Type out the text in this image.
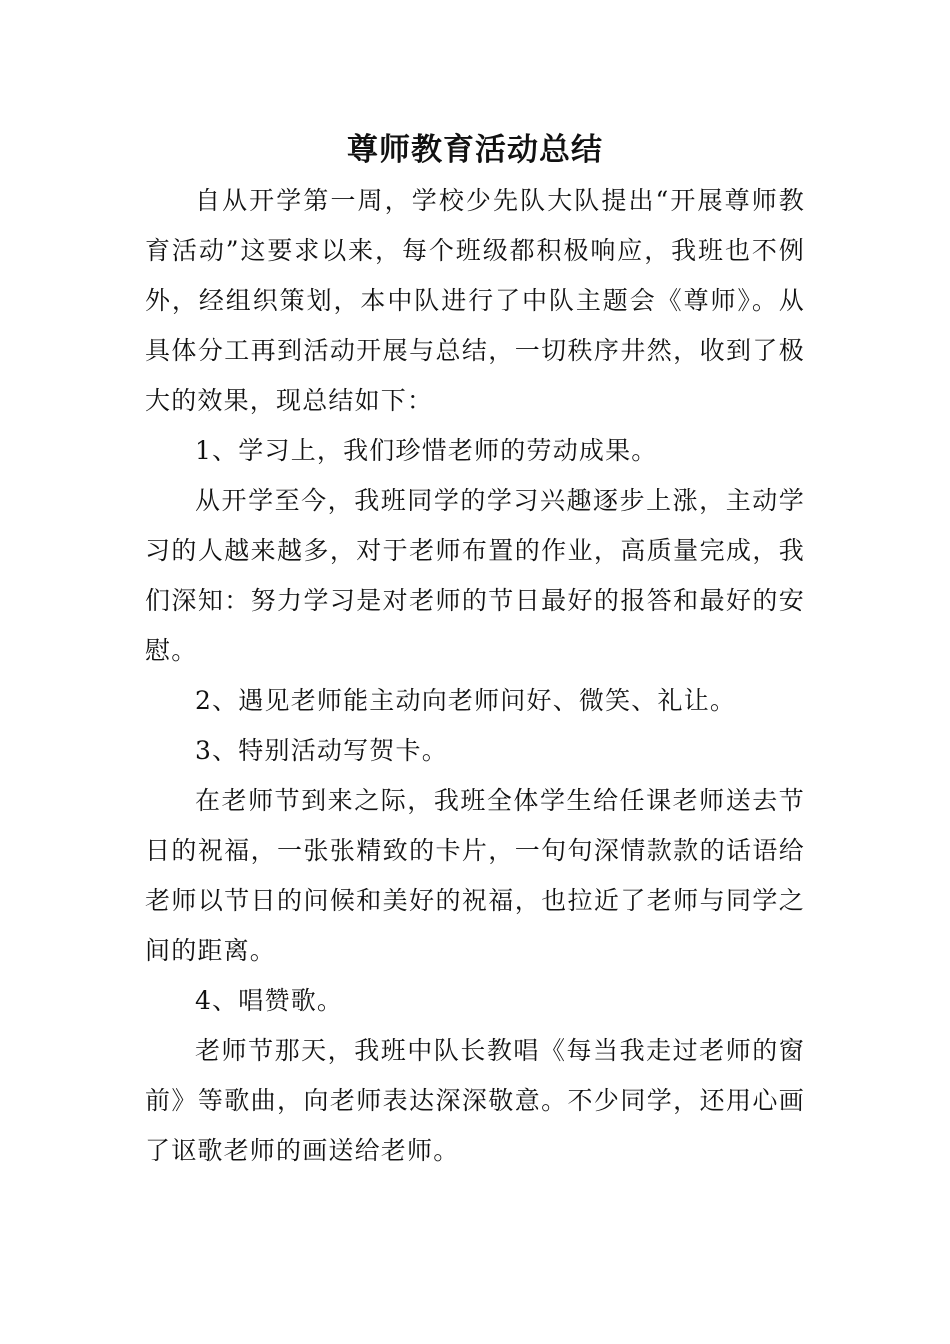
尊师教育活动总结

自从开学第一周，学校少先队大队提出“开展尊师教育活动”这要求以来，每个班级都积极响应，我班也不例外，经组织策划，本中队进行了中队主题会《尊师》。从具体分工再到活动开展与总结，一切秩序井然，收到了极大的效果，现总结如下：

1、学习上，我们珍惜老师的劳动成果。

从开学至今，我班同学的学习兴趣逐步上涨，主动学习的人越来越多，对于老师布置的作业，高质量完成，我们深知：努力学习是对老师的节日最好的报答和最好的安慰。

2、遇见老师能主动向老师问好、微笑、礼让。

3、特别活动写贺卡。

在老师节到来之际，我班全体学生给任课老师送去节日的祝福，一张张精致的卡片，一句句深情款款的话语给老师以节日的问候和美好的祝福，也拉近了老师与同学之间的距离。

4、唱赞歌。

老师节那天，我班中队长教唱《每当我走过老师的窗前》等歌曲，向老师表达深深敬意。不少同学，还用心画了讴歌老师的画送给老师。
